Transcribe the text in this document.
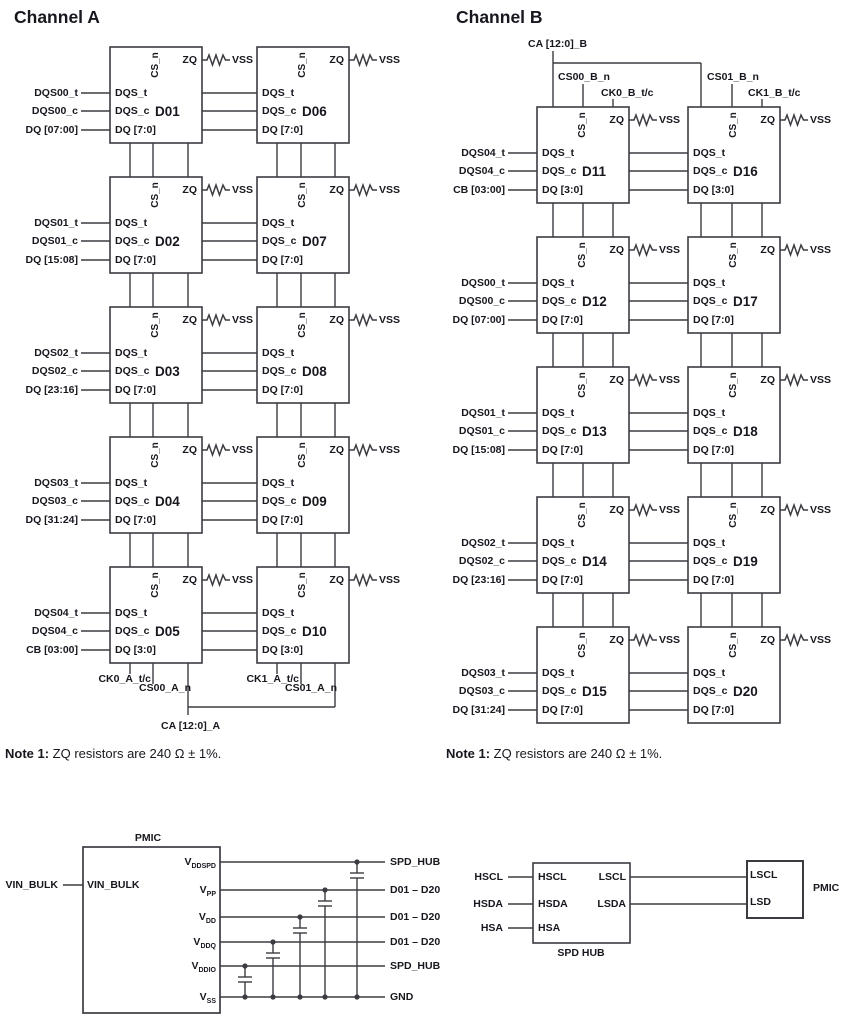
Channel A
CS_n	ZQ	VSS
DQS_t
DQS_c
DQ [7:0]
D01
CS_n	ZQ	VSS
DQS_t
DQS_c
DQ [7:0]
D06
DQS00_t
DQS00_c
DQ [07:00]
CS_n	ZQ	VSS
DQS_t
DQS_c
DQ [7:0]
D02
CS_n	ZQ	VSS
DQS_t
DQS_c
DQ [7:0]
D07
DQS01_t
DQS01_c
DQ [15:08]
CS_n	ZQ	VSS
DQS_t
DQS_c
DQ [7:0]
D03
CS_n	ZQ	VSS
DQS_t
DQS_c
DQ [7:0]
D08
DQS02_t
DQS02_c
DQ [23:16]
CS_n	ZQ	VSS
DQS_t
DQS_c
DQ [7:0]
D04
CS_n	ZQ	VSS
DQS_t
DQS_c
DQ [7:0]
D09
DQS03_t
DQS03_c
DQ [31:24]
CS_n	ZQ	VSS
DQS_t
DQS_c
DQ [3:0]
D05
CS_n	ZQ	VSS
DQS_t
DQS_c
DQ [3:0]
D10
DQS04_t
DQS04_c
CB [03:00]
Note 1: ZQ resistors are 240 Ω ± 1%.
Channel B
CS_n	ZQ	VSS
DQS_t
DQS_c
DQ [3:0]
D11
CS_n	ZQ	VSS
DQS_t
DQS_c
DQ [3:0]
D16
DQS04_t
DQS04_c
CB [03:00]
CS_n	ZQ	VSS
DQS_t
DQS_c
DQ [7:0]
D12
CS_n	ZQ	VSS
DQS_t
DQS_c
DQ [7:0]
D17
DQS00_t
DQS00_c
DQ [07:00]
CS_n	ZQ	VSS
DQS_t
DQS_c
DQ [7:0]
D13
CS_n	ZQ	VSS
DQS_t
DQS_c
DQ [7:0]
D18
DQS01_t
DQS01_c
DQ [15:08]
CS_n	ZQ	VSS
DQS_t
DQS_c
DQ [7:0]
D14
CS_n	ZQ	VSS
DQS_t
DQS_c
DQ [7:0]
D19
DQS02_t
DQS02_c
DQ [23:16]
CS_n	ZQ	VSS
DQS_t
DQS_c
DQ [7:0]
D15
CS_n	ZQ	VSS
DQS_t
DQS_c
DQ [7:0]
D20
DQS03_t
DQS03_c
DQ [31:24]
Note 1: ZQ resistors are 240 Ω ± 1%.
CK0_A_t/c
CS00_A_n
CK1_A_t/c
CS01_A_n
CA [12:0]_A
CA [12:0]_B
CS00_B_n
CK0_B_t/c
CS01_B_n
CK1_B_t/c
PMIC
VIN_BULK	VIN_BULK
$V_{DDSPD}$	SPD_HUB
$V_{PP}$	D01 – D20
$V_{DD}$	D01 – D20
$V_{DDQ}$	D01 – D20
$V_{DDIO}$	SPD_HUB
$V_{SS}$	GND
HSCL	HSCL
HSDA	HSDA
HSA	HSA
LSCL
LSDA
SPD HUB
LSCL
LSD
PMIC
